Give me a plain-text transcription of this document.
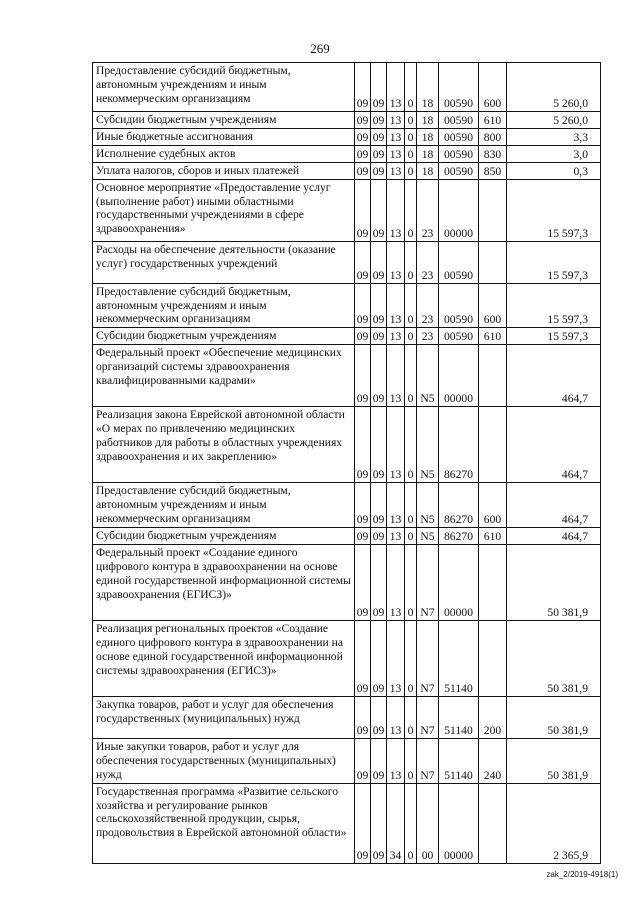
269
Предоставление субсидий бюджетным, автономным учреждениям и иным некоммерческим организациям	09	09	13	0	18	00590	600	5 260,0
Субсидии бюджетным учреждениям	09	09	13	0	18	00590	610	5 260,0
Иные бюджетные ассигнования	09	09	13	0	18	00590	800	3,3
Исполнение судебных актов	09	09	13	0	18	00590	830	3,0
Уплата налогов, сборов и иных платежей	09	09	13	0	18	00590	850	0,3
Основное мероприятие «Предоставление услуг (выполнение работ) иными областными государственными учреждениями в сфере здравоохранения»	09	09	13	0	23	00000		15 597,3
Расходы на обеспечение деятельности (оказание услуг) государственных учреждений	09	09	13	0	23	00590		15 597,3
Предоставление субсидий бюджетным, автономным учреждениям и иным некоммерческим организациям	09	09	13	0	23	00590	600	15 597,3
Субсидии бюджетным учреждениям	09	09	13	0	23	00590	610	15 597,3
Федеральный проект «Обеспечение медицинских организаций системы здравоохранения квалифицированными кадрами»	09	09	13	0	N5	00000		464,7
Реализация закона Еврейской автономной области «О мерах по привлечению медицинских работников для работы в областных учреждениях здравоохранения и их закреплению»	09	09	13	0	N5	86270		464,7
Предоставление субсидий бюджетным, автономным учреждениям и иным некоммерческим организациям	09	09	13	0	N5	86270	600	464,7
Субсидии бюджетным учреждениям	09	09	13	0	N5	86270	610	464,7
Федеральный проект «Создание единого цифрового контура в здравоохранении на основе единой государственной информационной системы здравоохранения (ЕГИСЗ)»	09	09	13	0	N7	00000		50 381,9
Реализация региональных проектов «Создание единого цифрового контура в здравоохранении на основе единой государственной информационной системы здравоохранения (ЕГИСЗ)»	09	09	13	0	N7	51140		50 381,9
Закупка товаров, работ и услуг для обеспечения государственных (муниципальных) нужд	09	09	13	0	N7	51140	200	50 381,9
Иные закупки товаров, работ и услуг для обеспечения государственных (муниципальных) нужд	09	09	13	0	N7	51140	240	50 381,9
Государственная программа «Развитие сельского хозяйства и регулирование рынков сельскохозяйственной продукции, сырья, продовольствия в Еврейской автономной области»	09	09	34	0	00	00000		2 365,9
zak_2/2019-4918(1)
